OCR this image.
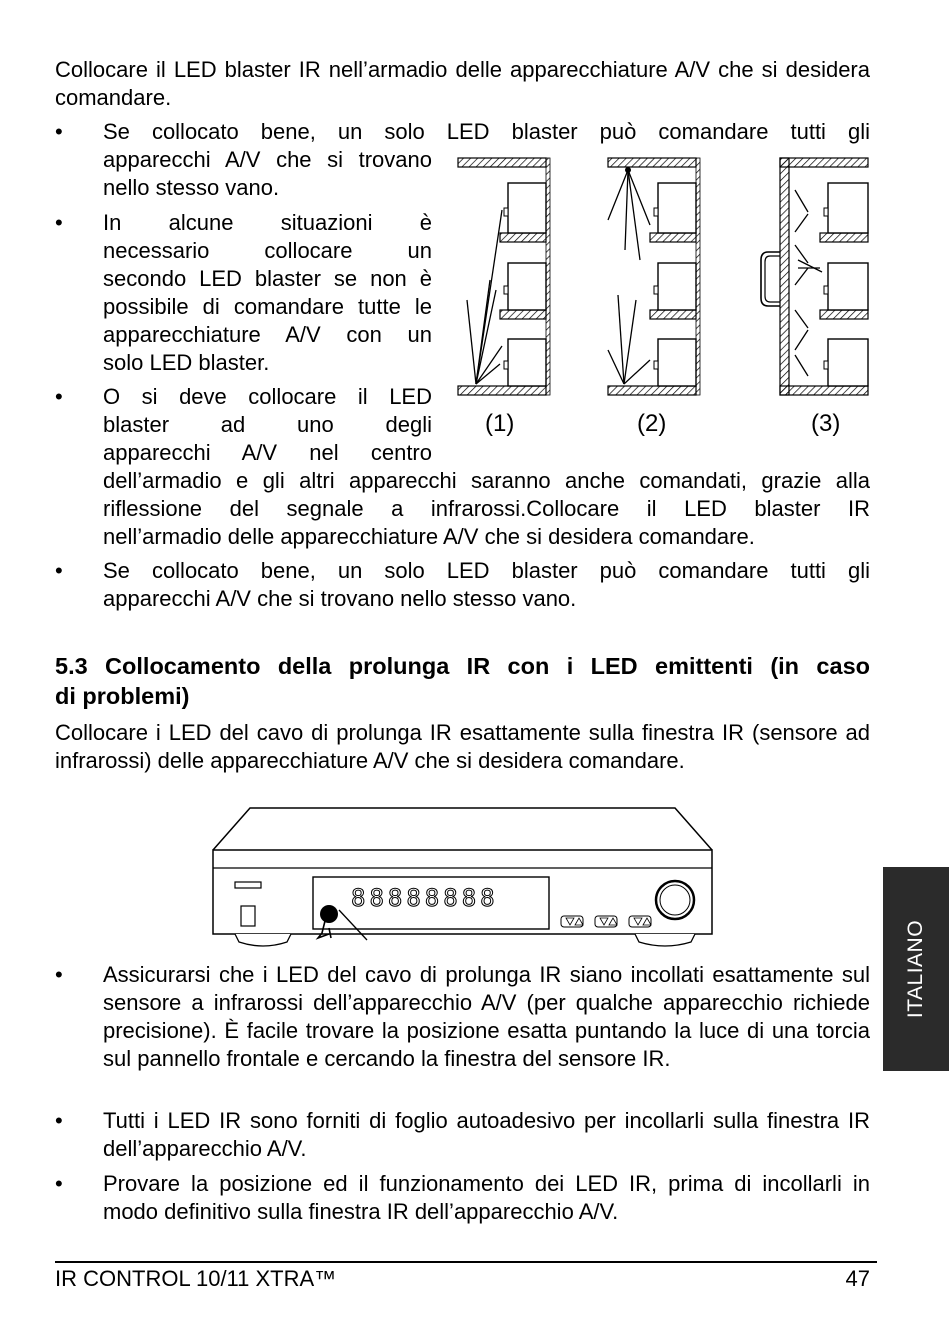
Collocare il LED blaster IR nell’armadio delle apparecchiature A/V che si desidera comandare.
• Se collocato bene, un solo LED blaster può comandare tutti gli
apparecchi A/V che si trovano
nello stesso vano.
• In alcune situazioni è
necessario collocare un
secondo LED blaster se non è
possibile di comandare tutte le
apparecchiature A/V con un
solo LED blaster.
• O si deve collocare il LED
blaster ad uno degli
apparecchi A/V nel centro
dell’armadio e gli altri apparecchi saranno anche comandati, grazie alla
riflessione del segnale a infrarossi.Collocare il LED blaster IR
nell’armadio delle apparecchiature A/V che si desidera comandare.
• Se collocato bene, un solo LED blaster può comandare tutti gli
apparecchi A/V che si trovano nello stesso vano.
(1)	(2)	(3)
5.3 Collocamento della prolunga IR con i LED emittenti (in caso
di problemi)
Collocare i LED del cavo di prolunga IR esattamente sulla finestra IR (sensore ad infrarossi) delle apparecchiature A/V che si desidera comandare.
88888888
• Assicurarsi che i LED del cavo di prolunga IR siano incollati esattamente sul sensore a infrarossi dell’apparecchio A/V (per qualche apparecchio richiede precisione). È facile trovare la posizione esatta puntando la luce di una torcia sul pannello frontale e cercando la finestra del sensore IR.
• Tutti i LED IR sono forniti di foglio autoadesivo per incollarli sulla finestra IR dell’apparecchio A/V.
• Provare la posizione ed il funzionamento dei LED IR, prima di incollarli in modo definitivo sulla finestra IR dell’apparecchio A/V.
ITALIANO
IR CONTROL 10/11 XTRA™	47
